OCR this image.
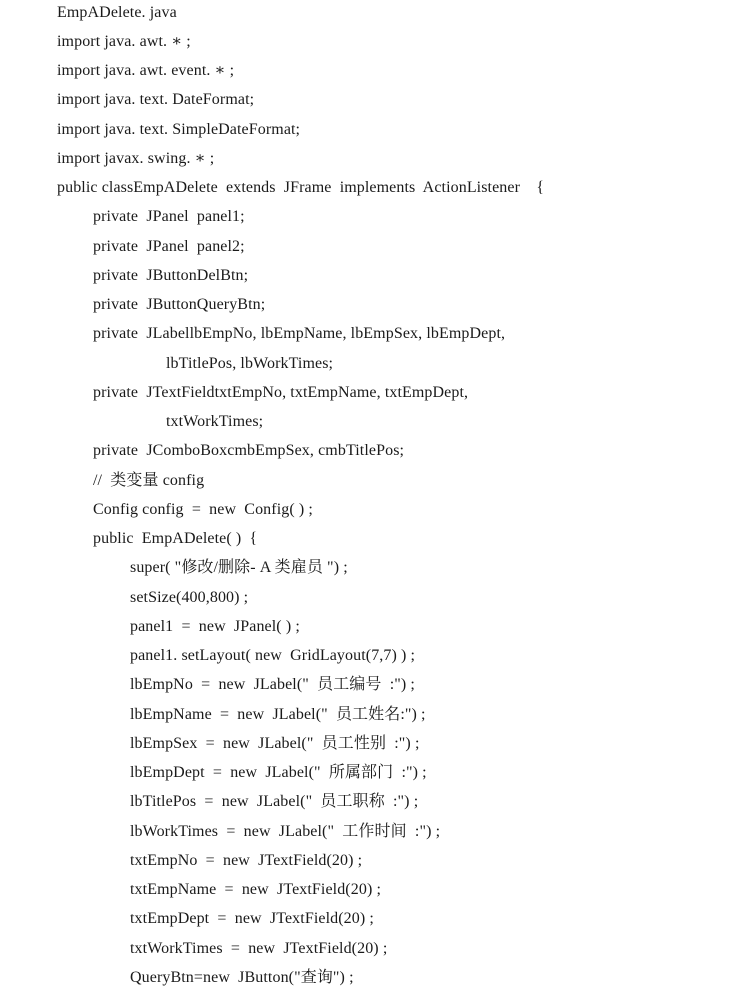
EmpADelete. java
import java. awt. ∗ ;
import java. awt. event. ∗ ;
import java. text. DateFormat;
import java. text. SimpleDateFormat;
import javax. swing. ∗ ;
public classEmpADelete  extends  JFrame  implements  ActionListener    {
private  JPanel  panel1;
private  JPanel  panel2;
private  JButtonDelBtn;
private  JButtonQueryBtn;
private  JLabellbEmpNo, lbEmpName, lbEmpSex, lbEmpDept,
lbTitlePos, lbWorkTimes;
private  JTextFieldtxtEmpNo, txtEmpName, txtEmpDept,
txtWorkTimes;
private  JComboBoxcmbEmpSex, cmbTitlePos;
//  类变量 config
Config config  =  new  Config( ) ;
public  EmpADelete( )  {
super( "修改/删除- A 类雇员 ") ;
setSize(400,800) ;
panel1  =  new  JPanel( ) ;
panel1. setLayout( new  GridLayout(7,7) ) ;
lbEmpNo  =  new  JLabel("  员工编号  :") ;
lbEmpName  =  new  JLabel("  员工姓名:") ;
lbEmpSex  =  new  JLabel("  员工性别  :") ;
lbEmpDept  =  new  JLabel("  所属部门  :") ;
lbTitlePos  =  new  JLabel("  员工职称  :") ;
lbWorkTimes  =  new  JLabel("  工作时间  :") ;
txtEmpNo  =  new  JTextField(20) ;
txtEmpName  =  new  JTextField(20) ;
txtEmpDept  =  new  JTextField(20) ;
txtWorkTimes  =  new  JTextField(20) ;
QueryBtn=new  JButton("查询") ;
